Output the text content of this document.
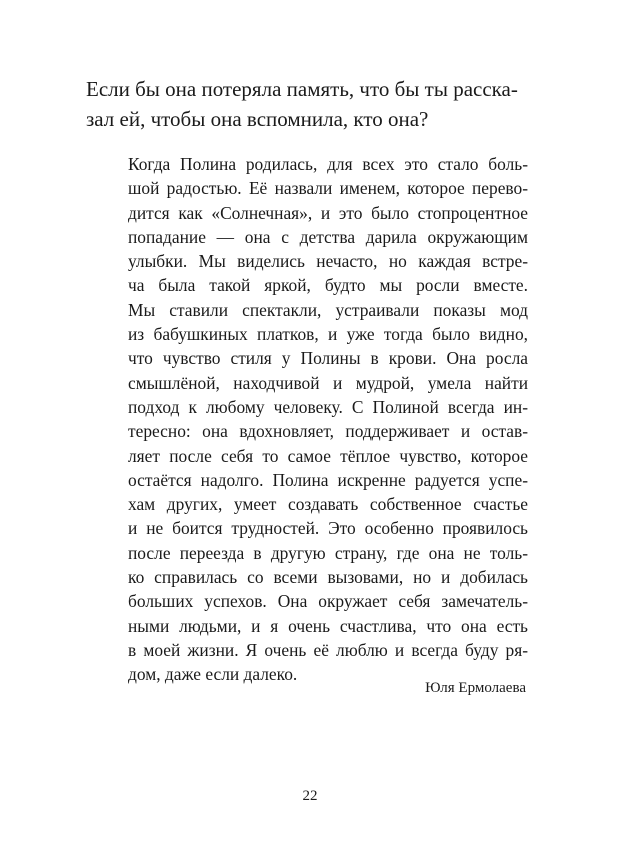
Если бы она потеряла память, что бы ты расска-
зал ей, чтобы она вспомнила, кто она?
Когда Полина родилась, для всех это стало боль-
шой радостью. Её назвали именем, которое перево-
дится как «Солнечная», и это было стопроцентное
попадание — она с детства дарила окружающим
улыбки. Мы виделись нечасто, но каждая встре-
ча была такой яркой, будто мы росли вместе.
Мы ставили спектакли, устраивали показы мод
из бабушкиных платков, и уже тогда было видно,
что чувство стиля у Полины в крови. Она росла
смышлёной, находчивой и мудрой, умела найти
подход к любому человеку. С Полиной всегда ин-
тересно: она вдохновляет, поддерживает и остав-
ляет после себя то самое тёплое чувство, которое
остаётся надолго. Полина искренне радуется успе-
хам других, умеет создавать собственное счастье
и не боится трудностей. Это особенно проявилось
после переезда в другую страну, где она не толь-
ко справилась со всеми вызовами, но и добилась
больших успехов. Она окружает себя замечатель-
ными людьми, и я очень счастлива, что она есть
в моей жизни. Я очень её люблю и всегда буду ря-
дом, даже если далеко.
Юля Ермолаева
22
